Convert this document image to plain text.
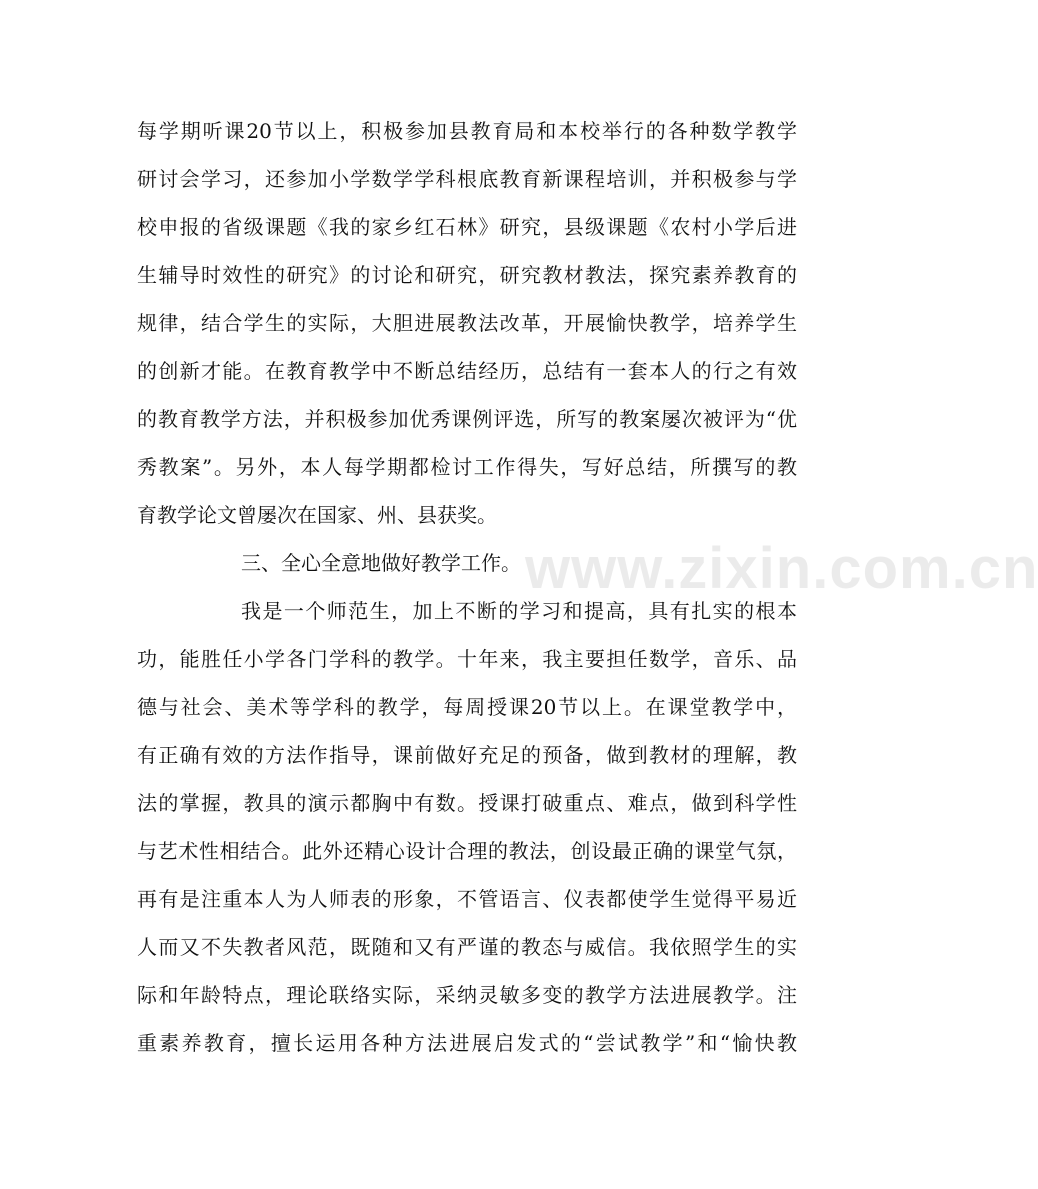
www.zixin.com.cn
每学期听课20节以上，积极参加县教育局和本校举行的各种数学教学
研讨会学习，还参加小学数学学科根底教育新课程培训，并积极参与学
校申报的省级课题《我的家乡红石林》研究，县级课题《农村小学后进
生辅导时效性的研究》的讨论和研究，研究教材教法，探究素养教育的
规律，结合学生的实际，大胆进展教法改革，开展愉快教学，培养学生
的创新才能。在教育教学中不断总结经历，总结有一套本人的行之有效
的教育教学方法，并积极参加优秀课例评选，所写的教案屡次被评为“优
秀教案”。另外，本人每学期都检讨工作得失，写好总结，所撰写的教
育教学论文曾屡次在国家、州、县获奖。
三、全心全意地做好教学工作。
我是一个师范生，加上不断的学习和提高，具有扎实的根本
功，能胜任小学各门学科的教学。十年来，我主要担任数学，音乐、品
德与社会、美术等学科的教学，每周授课20节以上。在课堂教学中，
有正确有效的方法作指导，课前做好充足的预备，做到教材的理解，教
法的掌握，教具的演示都胸中有数。授课打破重点、难点，做到科学性
与艺术性相结合。此外还精心设计合理的教法，创设最正确的课堂气氛，
再有是注重本人为人师表的形象，不管语言、仪表都使学生觉得平易近
人而又不失教者风范，既随和又有严谨的教态与威信。我依照学生的实
际和年龄特点，理论联络实际，采纳灵敏多变的教学方法进展教学。注
重素养教育，擅长运用各种方法进展启发式的“尝试教学”和“愉快教
